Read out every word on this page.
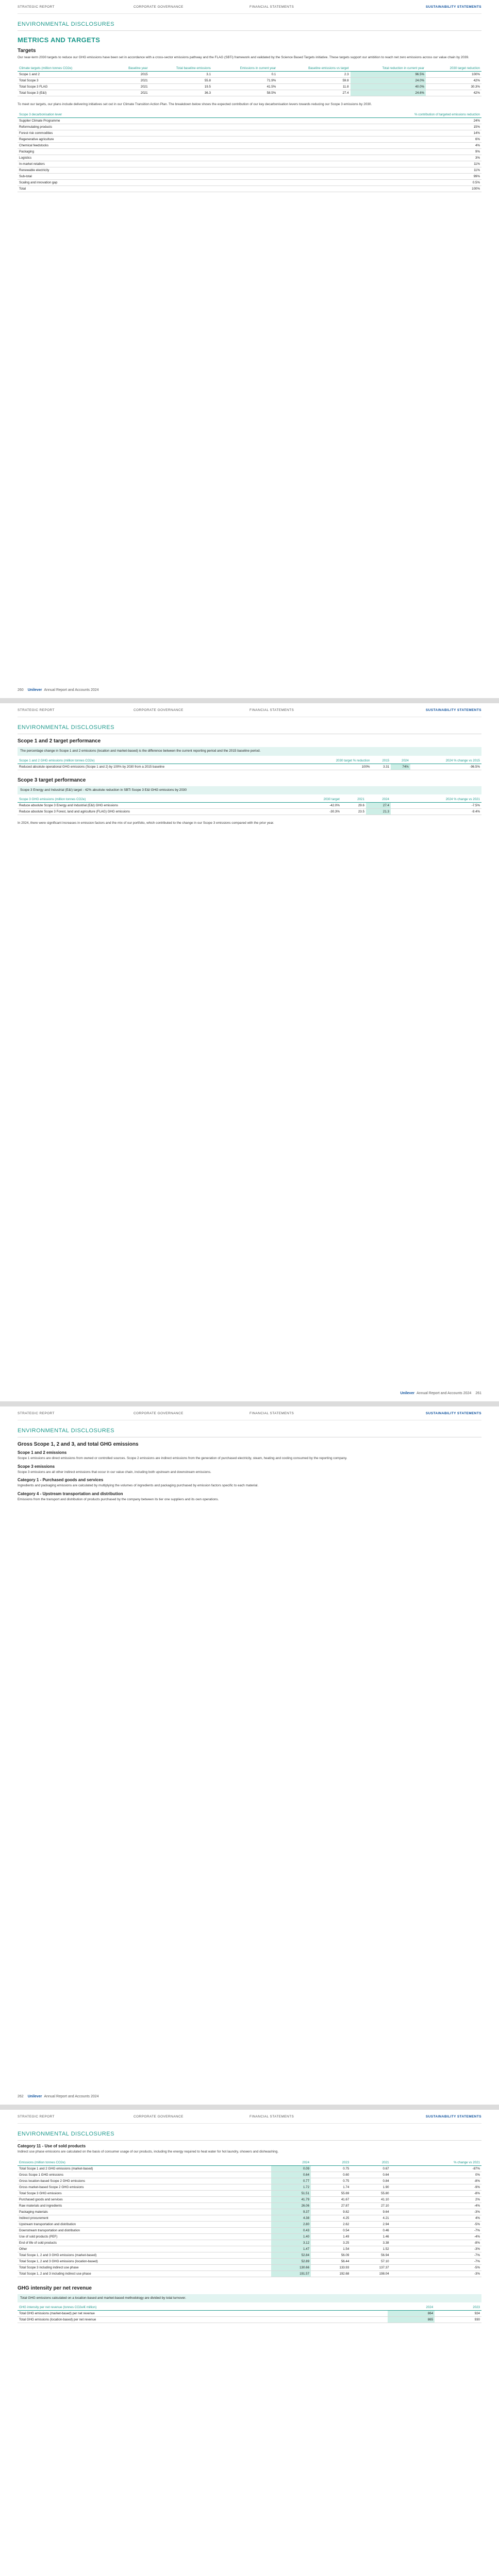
STRATEGIC REPORT	CORPORATE GOVERNANCE	FINANCIAL STATEMENTS	SUSTAINABILITY STATEMENTS
ENVIRONMENTAL DISCLOSURES
METRICS AND TARGETS
Targets

Our near-term 2030 targets to reduce our GHG emissions have been set in accordance with a cross-sector emissions pathway and the FLAG (SBTi) framework and validated by the Science Based Targets initiative. These targets support our ambition to reach net zero emissions across our value chain by 2039.

Climate targets (million tonnes CO2e)	Baseline year	Total baseline emissions	Emissions in current year	Baseline emissions vs target	Total reduction in current year	2030 target reduction
Scope 1 and 2	2015	3.1	0.1	2.3	96.5%	100%
Total Scope 3	2021	55.8	71.9%	59.8	24.0%	42%
Total Scope 3 FLAG	2021	19.5	41.5%	11.8	40.0%	30.3%
Total Scope 3 (E&I)	2021	36.3	58.5%	27.4	24.6%	42%

To meet our targets, our plans include delivering initiatives set out in our Climate Transition Action Plan. The breakdown below shows the expected contribution of our key decarbonisation levers towards reducing our Scope 3 emissions by 2030.

Scope 3 decarbonisation lever	% contribution of targeted emissions reduction
Supplier Climate Programme	24%
Reformulating products	15%
Forest risk commodities	14%
Regenerative agriculture	6%
Chemical feedstocks	4%
Packaging	9%
Logistics	3%
In-market retailers	11%
Renewable electricity	11%
Sub-total	99%
Scaling and innovation gap	0.5%
Total	100%
260 Unilever Annual Report and Accounts 2024
STRATEGIC REPORT	CORPORATE GOVERNANCE	FINANCIAL STATEMENTS	SUSTAINABILITY STATEMENTS
ENVIRONMENTAL DISCLOSURES
Scope 1 and 2 target performance
The percentage change in Scope 1 and 2 emissions (location and market-based) is the difference between the current reporting period and the 2015 baseline period.
Scope 1 and 2 GHG emissions (million tonnes CO2e)	2030 target % reduction	2015	2024	2024 % change vs 2015
Reduced absolute operational GHG emissions (Scope 1 and 2) by 100% by 2030 from a 2015 baseline	100%	3.31	74%	-96.5%
Scope 3 target performance
Scope 3 Energy and Industrial (E&I) target - 42% absolute reduction in SBTi Scope 3 E&I GHG emissions by 2030
Scope 3 GHG emissions (million tonnes CO2e)	2030 target	2021	2024	2024 % change vs 2021
Reduce absolute Scope 3 Energy and Industrial (E&I) GHG emissions	-42.0%	29.6	27.4	-7.5%
Reduce absolute Scope 3 Forest, land and agriculture (FLAG) GHG emissions	-30.3%	23.5	21.3	-9.4%

In 2024, there were significant increases in emission factors and the mix of our portfolio, which contributed to the change in our Scope 3 emissions compared with the prior year.

Unilever Annual Report and Accounts 2024 261
STRATEGIC REPORT	CORPORATE GOVERNANCE	FINANCIAL STATEMENTS	SUSTAINABILITY STATEMENTS
ENVIRONMENTAL DISCLOSURES
Gross Scope 1, 2 and 3, and total GHG emissions
Scope 1 and 2 emissions

Scope 1 emissions are direct emissions from owned or controlled sources. Scope 2 emissions are indirect emissions from the generation of purchased electricity, steam, heating and cooling consumed by the reporting company.

Scope 3 emissions

Scope 3 emissions are all other indirect emissions that occur in our value chain, including both upstream and downstream emissions.

Category 1 - Purchased goods and services

Ingredients and packaging emissions are calculated by multiplying the volumes of ingredients and packaging purchased by emission factors specific to each material.

Category 4 - Upstream transportation and distribution

Emissions from the transport and distribution of products purchased by the company between its tier one suppliers and its own operations.

262 Unilever Annual Report and Accounts 2024
STRATEGIC REPORT	CORPORATE GOVERNANCE	FINANCIAL STATEMENTS	SUSTAINABILITY STATEMENTS
ENVIRONMENTAL DISCLOSURES
Category 11 - Use of sold products

Indirect use phase emissions are calculated on the basis of consumer usage of our products, including the energy required to heat water for hot laundry, showers and dishwashing.

Emissions (million tonnes CO2e)	2024	2023	2021	% change vs 2021
Total Scope 1 and 2 GHG emissions (market-based)	0.09	0.75	0.67	-87%
Gross Scope 1 GHG emissions	0.64	0.60	0.64	0%
Gross location-based Scope 2 GHG emissions	0.77	0.75	0.84	-8%
Gross market-based Scope 2 GHG emissions	1.72	1.74	1.90	-9%
Total Scope 3 GHG emissions	51.51	55.69	55.80	-8%
Purchased goods and services	41.79	41.67	41.10	2%
Raw materials and ingredients	26.06	27.87	27.10	-4%
Packaging materials	9.37	9.82	9.64	-3%
Indirect procurement	4.38	4.25	4.21	4%
Upstream transportation and distribution	2.80	2.62	2.94	-5%
Downstream transportation and distribution	0.43	0.54	0.46	-7%
Use of sold products (PEF)	1.40	1.49	1.46	-4%
End of life of sold products	3.12	3.25	3.38	-8%
Other	1.47	1.54	1.52	-3%
Total Scope 1, 2 and 3 GHG emissions (market-based)	52.84	56.09	56.94	-7%
Total Scope 1, 2 and 3 GHG emissions (location-based)	52.89	56.44	57.10	-7%
Total Scope 3 including indirect use phase	130.66	133.93	137.37	-5%
Total Scope 1, 2 and 3 including indirect use phase	191.57	192.68	198.04	-3%
GHG intensity per net revenue
Total GHG emissions calculated on a location-based and market-based methodology are divided by total turnover.
GHG intensity per net revenue (tonnes CO2e/€ million)	2024	2023
Total GHG emissions (market-based) per net revenue	864	924
Total GHG emissions (location-based) per net revenue	865	930
